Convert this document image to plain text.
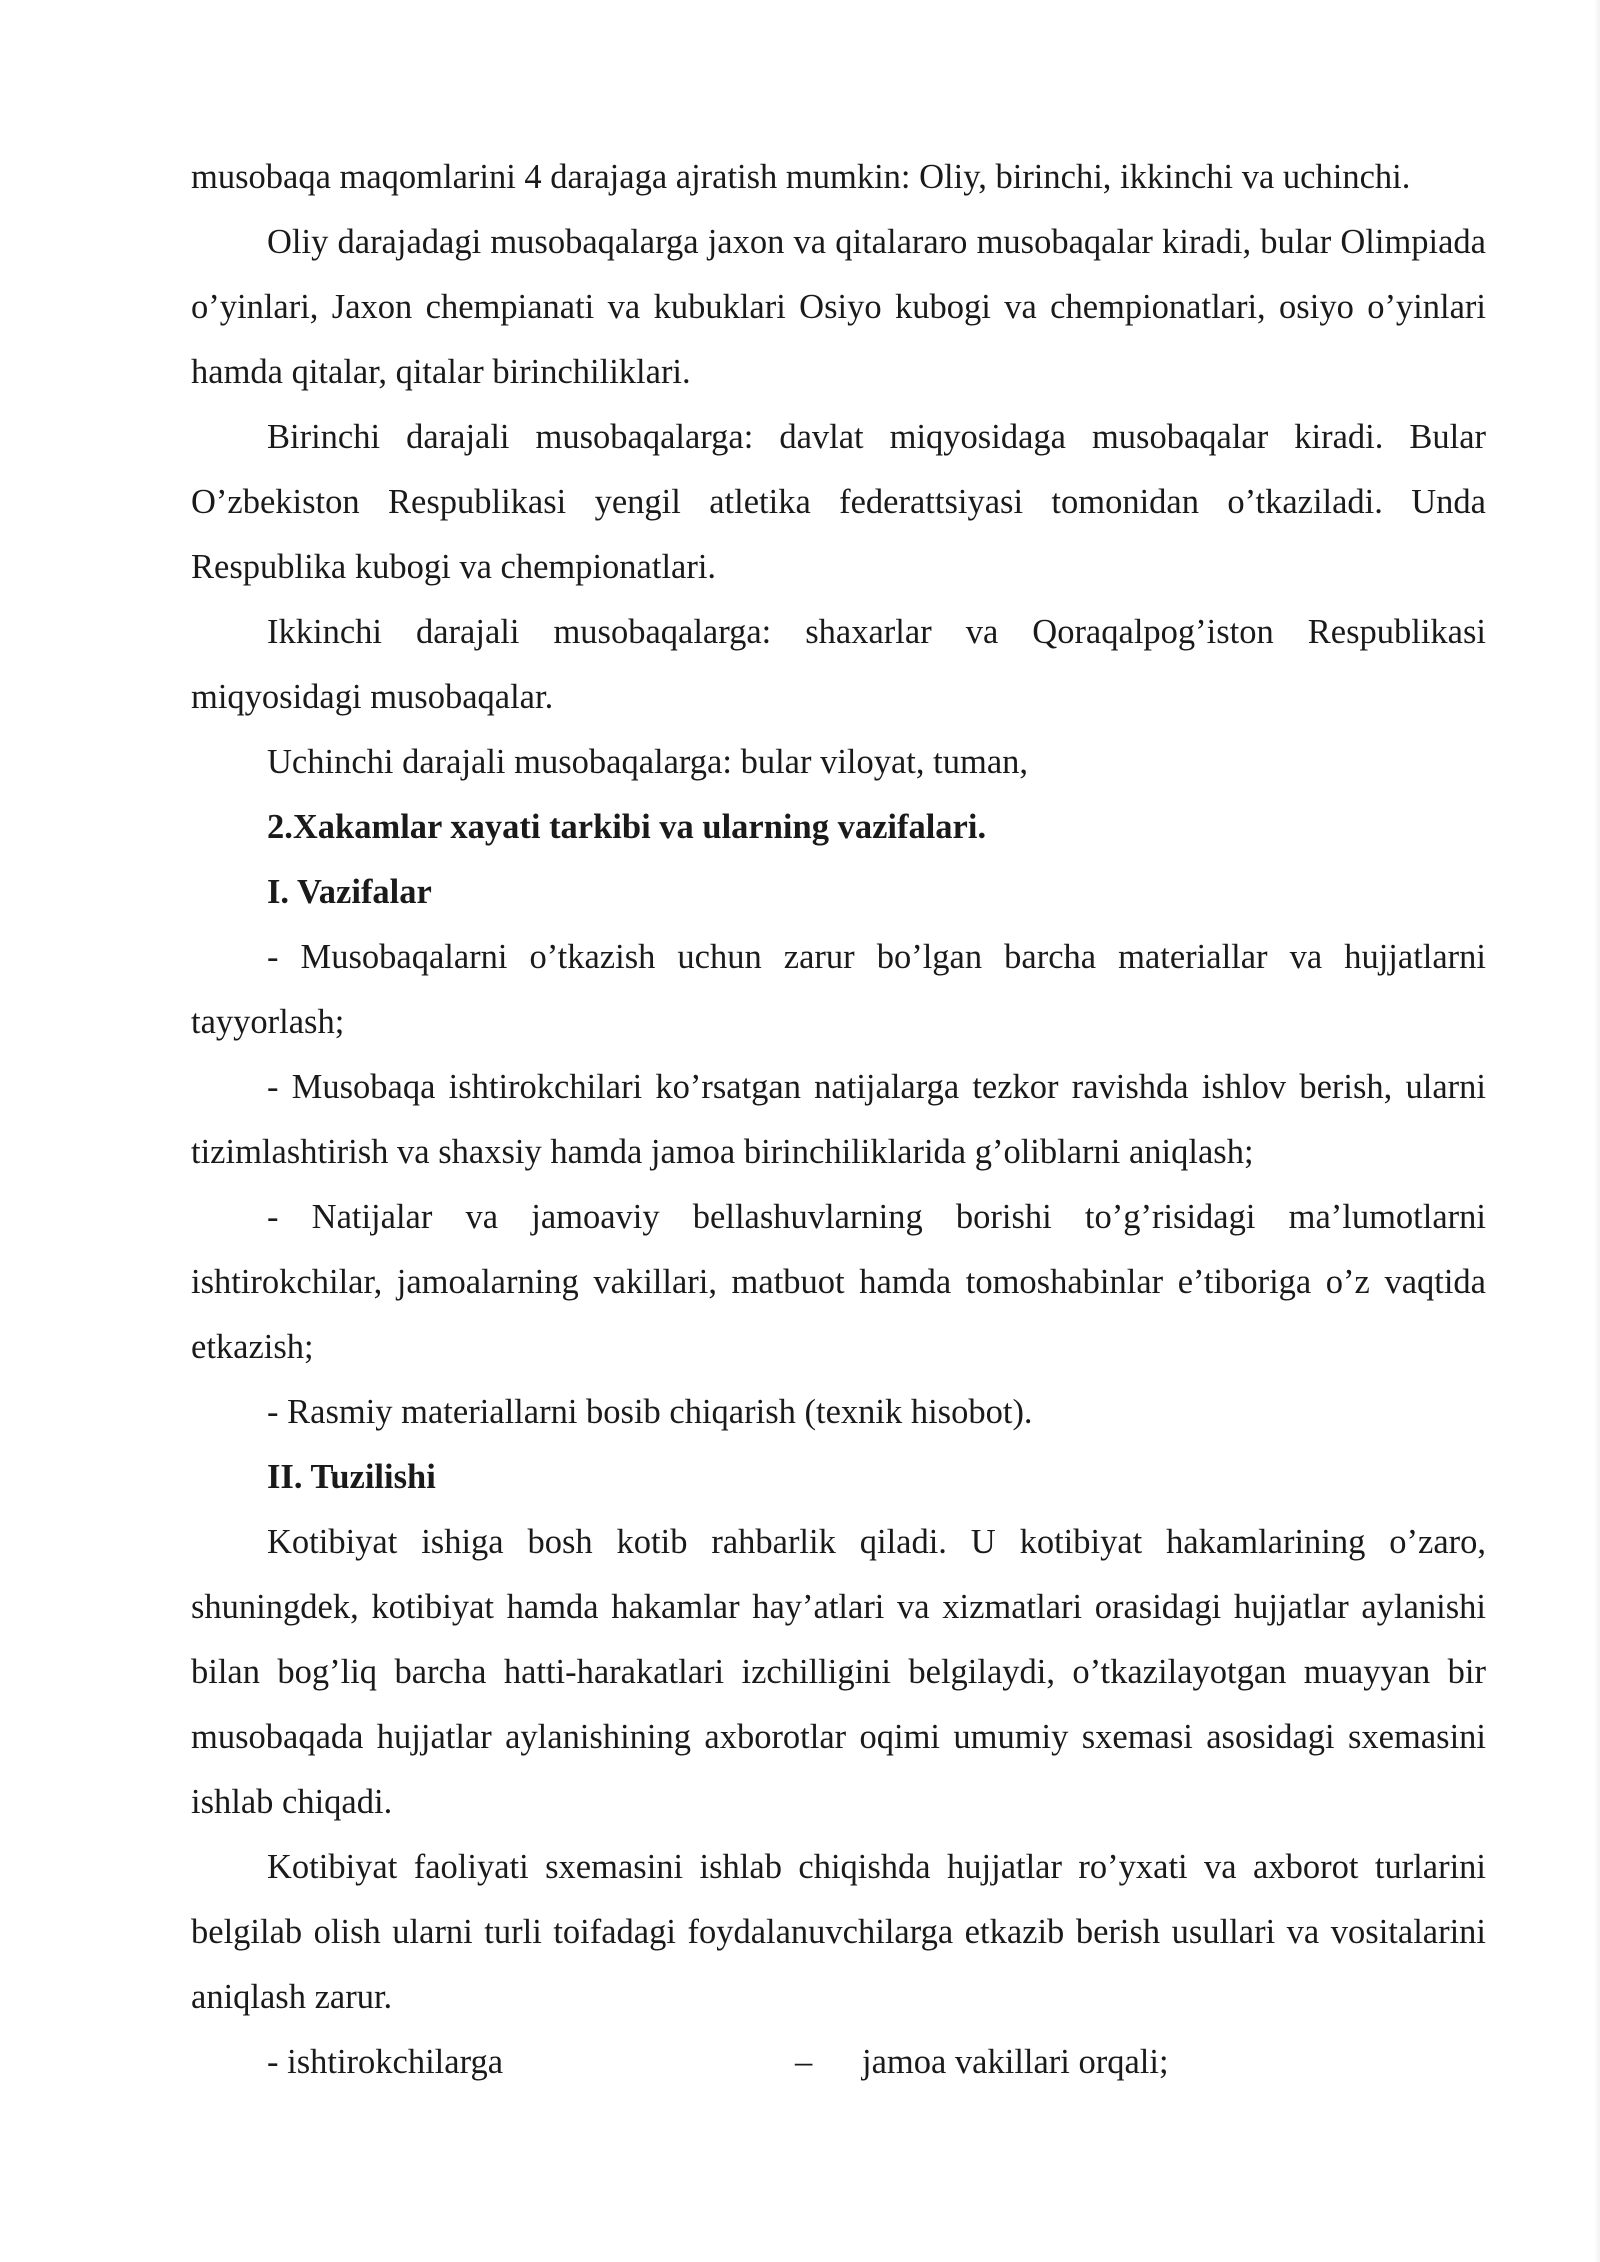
musobaqa maqomlarini 4 darajaga ajratish mumkin: Oliy, birinchi, ikkinchi va uchinchi.

Oliy darajadagi musobaqalarga jaxon va qitalararo musobaqalar kiradi, bular Olimpiada o’yinlari, Jaxon chempianati va kubuklari Osiyo kubogi va chempionatlari, osiyo o’yinlari hamda qitalar, qitalar birinchiliklari.

Birinchi darajali musobaqalarga: davlat miqyosidaga musobaqalar kiradi. Bular O’zbekiston Respublikasi yengil atletika federattsiyasi tomonidan o’tkaziladi. Unda Respublika kubogi va chempionatlari.

Ikkinchi darajali musobaqalarga: shaxarlar va Qoraqalpog’iston Respublikasi miqyosidagi musobaqalar.

Uchinchi darajali musobaqalarga: bular viloyat, tuman,

2.Xakamlar xayati tarkibi va ularning vazifalari.

I. Vazifalar

- Musobaqalarni o’tkazish uchun zarur bo’lgan barcha materiallar va hujjatlarni tayyorlash;

- Musobaqa ishtirokchilari ko’rsatgan natijalarga tezkor ravishda ishlov berish, ularni tizimlashtirish va shaxsiy hamda jamoa birinchiliklarida g’oliblarni aniqlash;

- Natijalar va jamoaviy bellashuvlarning borishi to’g’risidagi ma’lumotlarni ishtirokchilar, jamoalarning vakillari, matbuot hamda tomoshabinlar e’tiboriga o’z vaqtida etkazish;

- Rasmiy materiallarni bosib chiqarish (texnik hisobot).

II. Tuzilishi

Kotibiyat ishiga bosh kotib rahbarlik qiladi. U kotibiyat hakamlarining o’zaro, shuningdek, kotibiyat hamda hakamlar hay’atlari va xizmatlari orasidagi hujjatlar aylanishi bilan bog’liq barcha hatti-harakatlari izchilligini belgilaydi, o’tkazilayotgan muayyan bir musobaqada hujjatlar aylanishining axborotlar oqimi umumiy sxemasi asosidagi sxemasini ishlab chiqadi.

Kotibiyat faoliyati sxemasini ishlab chiqishda hujjatlar ro’yxati va axborot turlarini belgilab olish ularni turli toifadagi foydalanuvchilarga etkazib berish usullari va vositalarini aniqlash zarur.

- ishtirokchilarga	– jamoa vakillari orqali;
